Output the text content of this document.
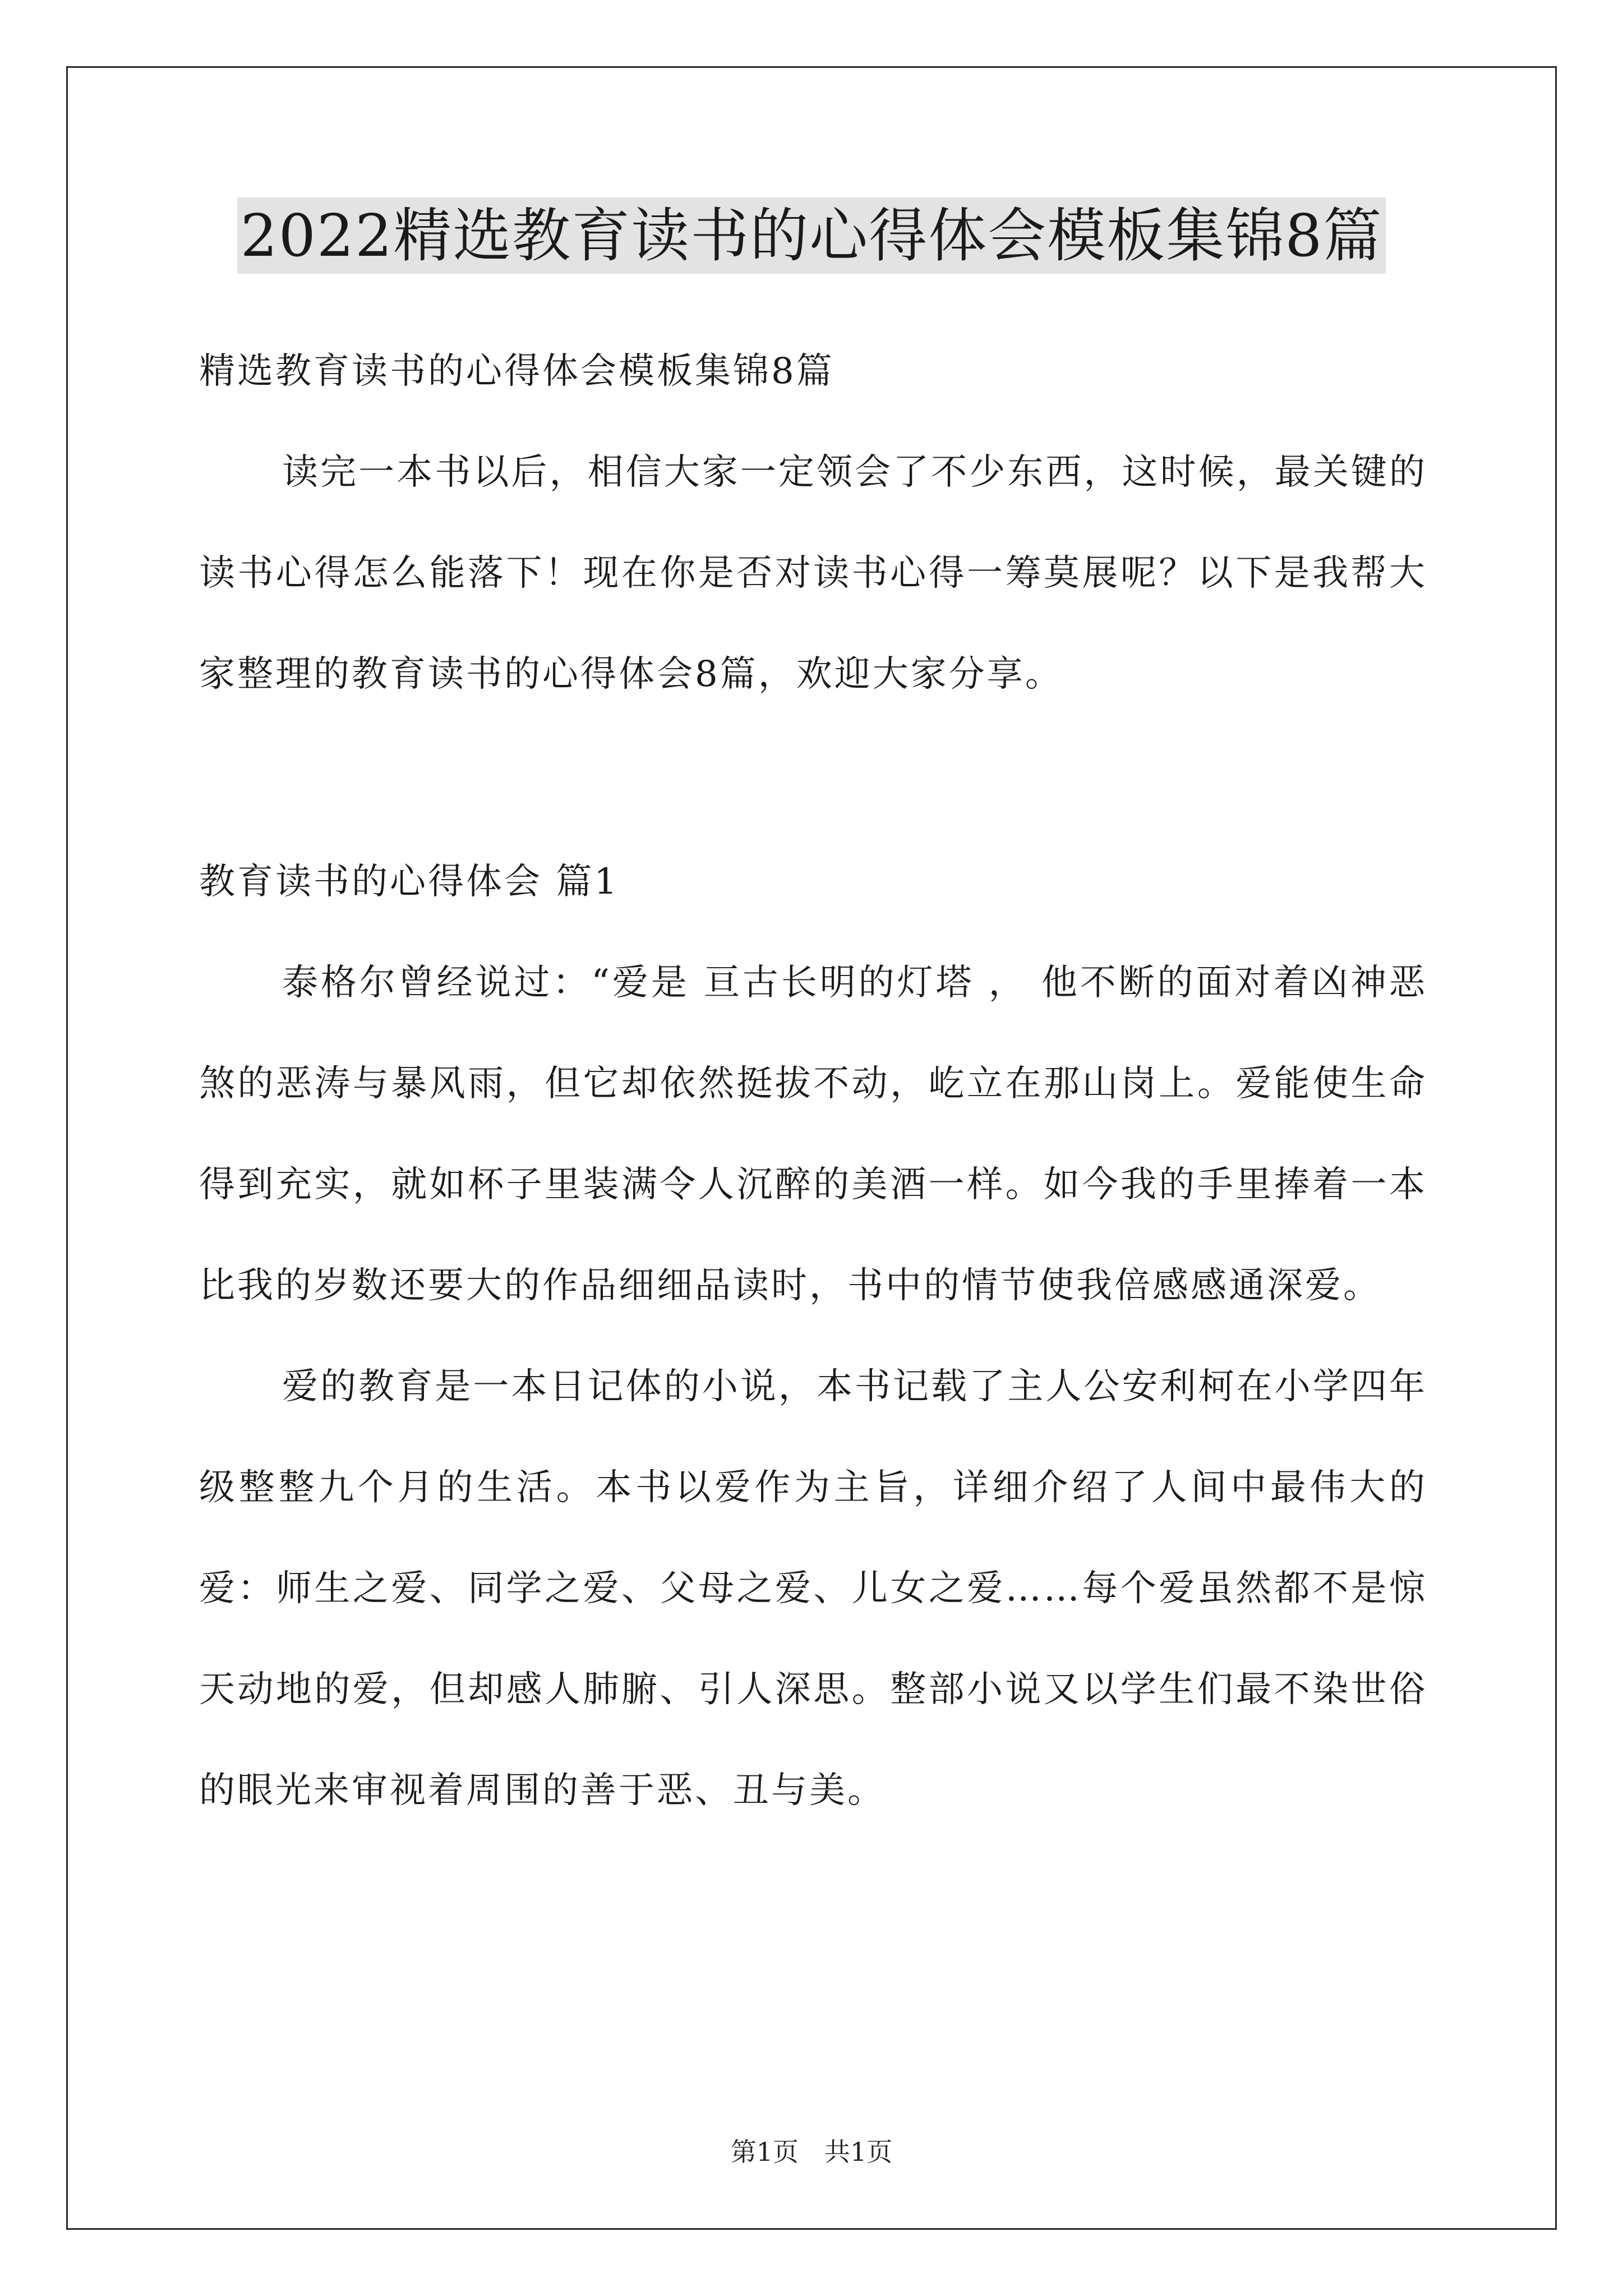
2022精选教育读书的心得体会模板集锦8篇

精选教育读书的心得体会模板集锦8篇

读完一本书以后，相信大家一定领会了不少东西，这时候，最关键的读书心得怎么能落下！现在你是否对读书心得一筹莫展呢？以下是我帮大家整理的教育读书的心得体会8篇，欢迎大家分享。

教育读书的心得体会 篇1

泰格尔曾经说过：“爱是 亘古长明的灯塔 ， 他不断的面对着凶神恶煞的恶涛与暴风雨，但它却依然挺拔不动，屹立在那山岗上。爱能使生命得到充实，就如杯子里装满令人沉醉的美酒一样。如今我的手里捧着一本比我的岁数还要大的作品细细品读时，书中的情节使我倍感感通深爱。

爱的教育是一本日记体的小说，本书记载了主人公安利柯在小学四年级整整九个月的生活。本书以爱作为主旨，详细介绍了人间中最伟大的爱：师生之爱、同学之爱、父母之爱、儿女之爱……每个爱虽然都不是惊天动地的爱，但却感人肺腑、引人深思。整部小说又以学生们最不染世俗的眼光来审视着周围的善于恶、丑与美。

第1页　共1页
